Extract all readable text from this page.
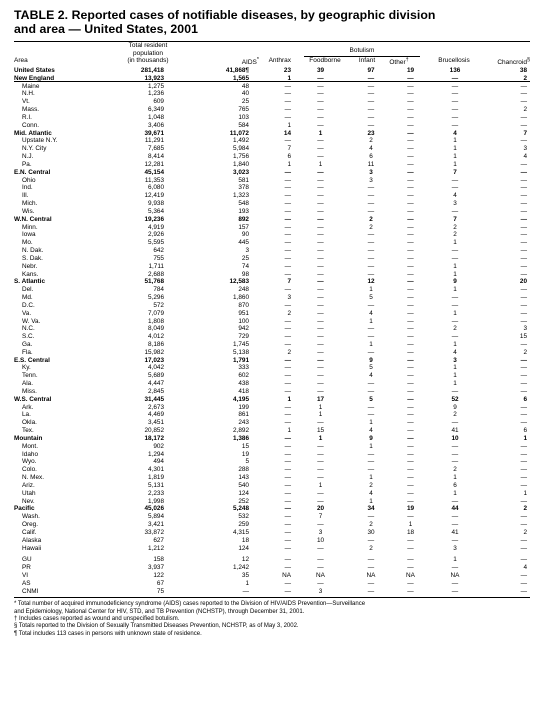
TABLE 2. Reported cases of notifiable diseases, by geographic division
and area — United States, 2001

Total resident
population
(in thousands)
Area	AIDS*	Anthrax
Botulism
Foodborne	Infant	Other†	Brucellosis	Chancroid§
United States	281,418	41,868¶	23	39	97	19	136	38
New England	13,923	1,565	1	—	—	—	—	2
Maine	1,275	48	—	—	—	—	—	—
N.H.	1,236	40	—	—	—	—	—	—
Vt.	609	25	—	—	—	—	—	—
Mass.	6,349	765	—	—	—	—	—	2
R.I.	1,048	103	—	—	—	—	—	—
Conn.	3,406	584	1	—	—	—	—	—
Mid. Atlantic	39,671	11,072	14	1	23	—	4	7
Upstate N.Y.	11,291	1,492	—	—	2	—	1	—
N.Y. City	7,685	5,984	7	—	4	—	1	3
N.J.	8,414	1,756	6	—	6	—	1	4
Pa.	12,281	1,840	1	1	11	—	1	—
E.N. Central	45,154	3,023	—	—	3	—	7	—
Ohio	11,353	581	—	—	3	—	—	—
Ind.	6,080	378	—	—	—	—	—	—
Ill.	12,419	1,323	—	—	—	—	4	—
Mich.	9,938	548	—	—	—	—	3	—
Wis.	5,364	193	—	—	—	—	—	—
W.N. Central	19,236	892	—	—	2	—	7	—
Minn.	4,919	157	—	—	2	—	2	—
Iowa	2,926	90	—	—	—	—	2	—
Mo.	5,595	445	—	—	—	—	1	—
N. Dak.	642	3	—	—	—	—	—	—
S. Dak.	755	25	—	—	—	—	—	—
Nebr.	1,711	74	—	—	—	—	1	—
Kans.	2,688	98	—	—	—	—	1	—
S. Atlantic	51,768	12,583	7	—	12	—	9	20
Del.	784	248	—	—	1	—	1	—
Md.	5,296	1,860	3	—	5	—	—	—
D.C.	572	870	—	—	—	—	—	—
Va.	7,079	951	2	—	4	—	1	—
W. Va.	1,808	100	—	—	1	—	—	—
N.C.	8,049	942	—	—	—	—	2	3
S.C.	4,012	729	—	—	—	—	—	15
Ga.	8,186	1,745	—	—	1	—	1	—
Fla.	15,982	5,138	2	—	—	—	4	2
E.S. Central	17,023	1,791	—	—	9	—	3	—
Ky.	4,042	333	—	—	5	—	1	—
Tenn.	5,689	602	—	—	4	—	1	—
Ala.	4,447	438	—	—	—	—	1	—
Miss.	2,845	418	—	—	—	—	—	—
W.S. Central	31,445	4,195	1	17	5	—	52	6
Ark.	2,673	199	—	1	—	—	9	—
La.	4,469	861	—	1	—	—	2	—
Okla.	3,451	243	—	—	1	—	—	—
Tex.	20,852	2,892	1	15	4	—	41	6
Mountain	18,172	1,386	—	1	9	—	10	1
Mont.	902	15	—	—	1	—	—	—
Idaho	1,294	19	—	—	—	—	—	—
Wyo.	494	5	—	—	—	—	—	—
Colo.	4,301	288	—	—	—	—	2	—
N. Mex.	1,819	143	—	—	1	—	1	—
Ariz.	5,131	540	—	1	2	—	6	—
Utah	2,233	124	—	—	4	—	1	1
Nev.	1,998	252	—	—	1	—	—	—
Pacific	45,026	5,248	—	20	34	19	44	2
Wash.	5,894	532	—	7	—	—	—	—
Oreg.	3,421	259	—	—	2	1	—	—
Calif.	33,872	4,315	—	3	30	18	41	2
Alaska	627	18	—	10	—	—	—	—
Hawaii	1,212	124	—	—	2	—	3	—

GU	158	12	—	—	—	—	1	—
PR	3,937	1,242	—	—	—	—	—	4
VI	122	35	NA	NA	NA	NA	NA	—
AS	67	1	—	—	—	—	—	—
CNMI	75	—	—	3	—	—	—	—
* Total number of acquired immunodeficiency syndrome (AIDS) cases reported to the Division of HIV/AIDS Prevention—Surveillance
and Epidemiology, National Center for HIV, STD, and TB Prevention (NCHSTP), through December 31, 2001.
† Includes cases reported as wound and unspecified botulism.
§ Totals reported to the Division of Sexually Transmitted Diseases Prevention, NCHSTP, as of May 3, 2002.
¶ Total includes 113 cases in persons with unknown state of residence.
